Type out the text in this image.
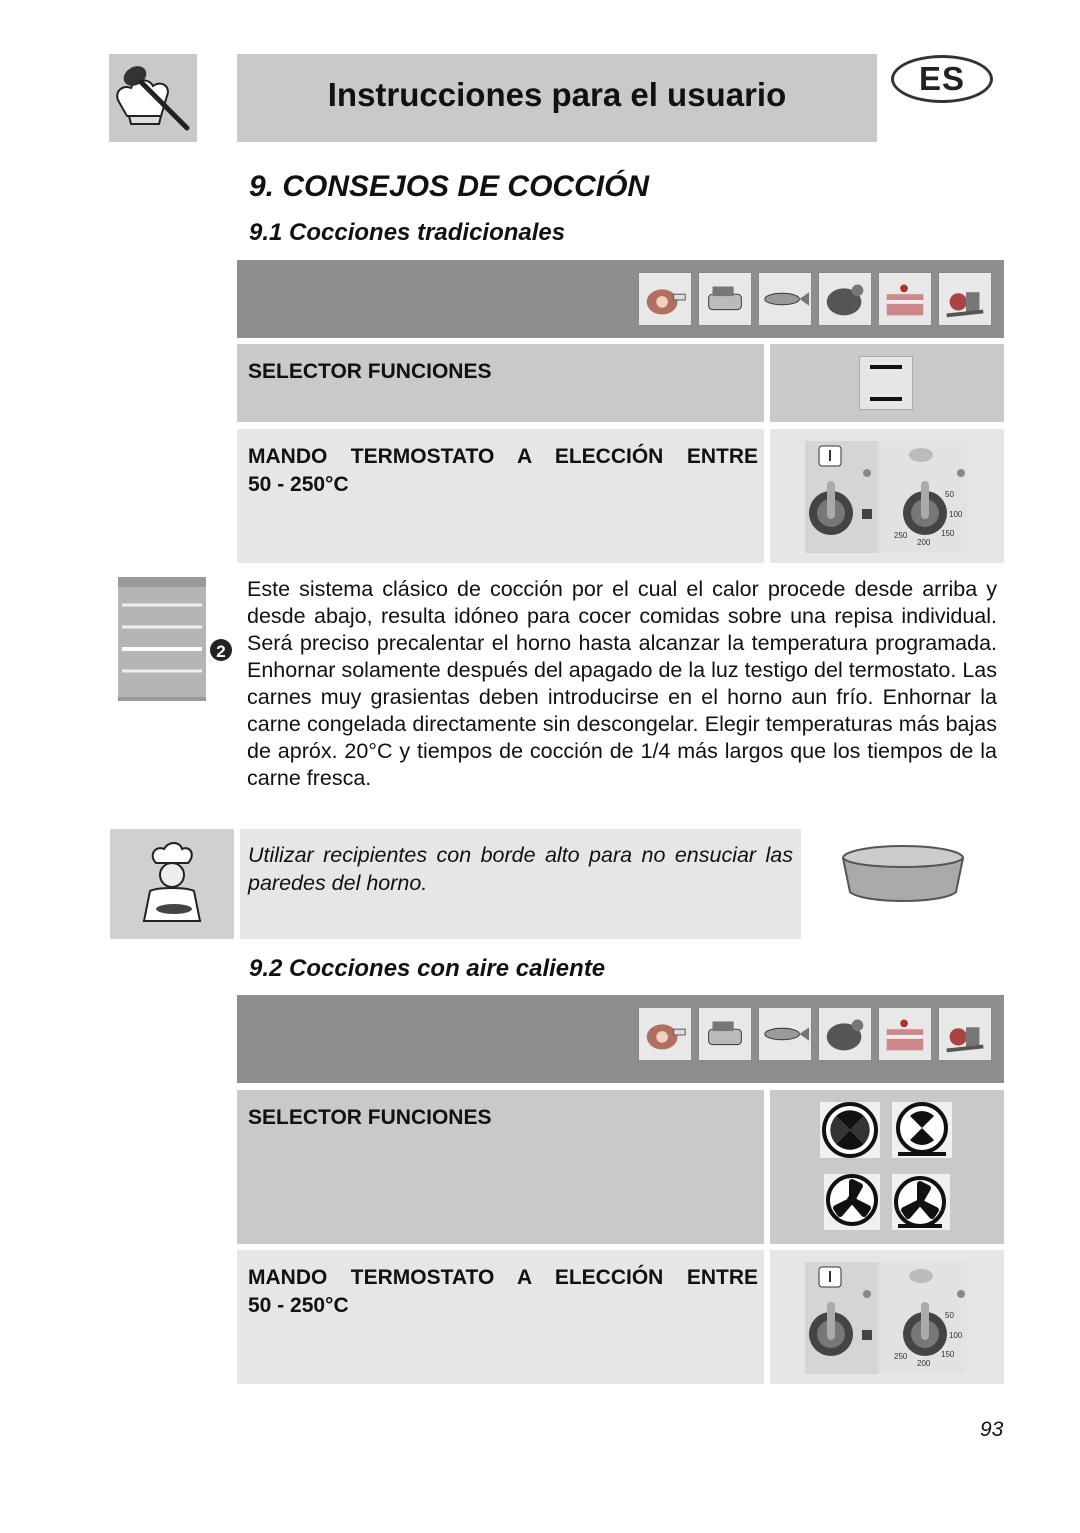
Instrucciones para el usuario	ES
9. CONSEJOS DE COCCIÓN
9.1 Cocciones tradicionales
SELECTOR FUNCIONES
MANDO TERMOSTATO A ELECCIÓN ENTRE
50 - 250°C	50
100
150
200
250
2
Este sistema clásico de cocción por el cual el calor procede desde arriba y desde abajo, resulta idóneo para cocer comidas sobre una repisa individual. Será preciso precalentar el horno hasta alcanzar la temperatura programada. Enhornar solamente después del apagado de la luz testigo del termostato. Las carnes muy grasientas deben introducirse en el horno aun frío. Enhornar la carne congelada directamente sin descongelar. Elegir temperaturas más bajas de apróx. 20°C y tiempos de cocción de 1/4 más largos que los tiempos de la carne fresca.
Utilizar recipientes con borde alto para no ensuciar las paredes del horno.
9.2 Cocciones con aire caliente
SELECTOR FUNCIONES
MANDO TERMOSTATO A ELECCIÓN ENTRE
50 - 250°C	50
100
150
200
250
93
